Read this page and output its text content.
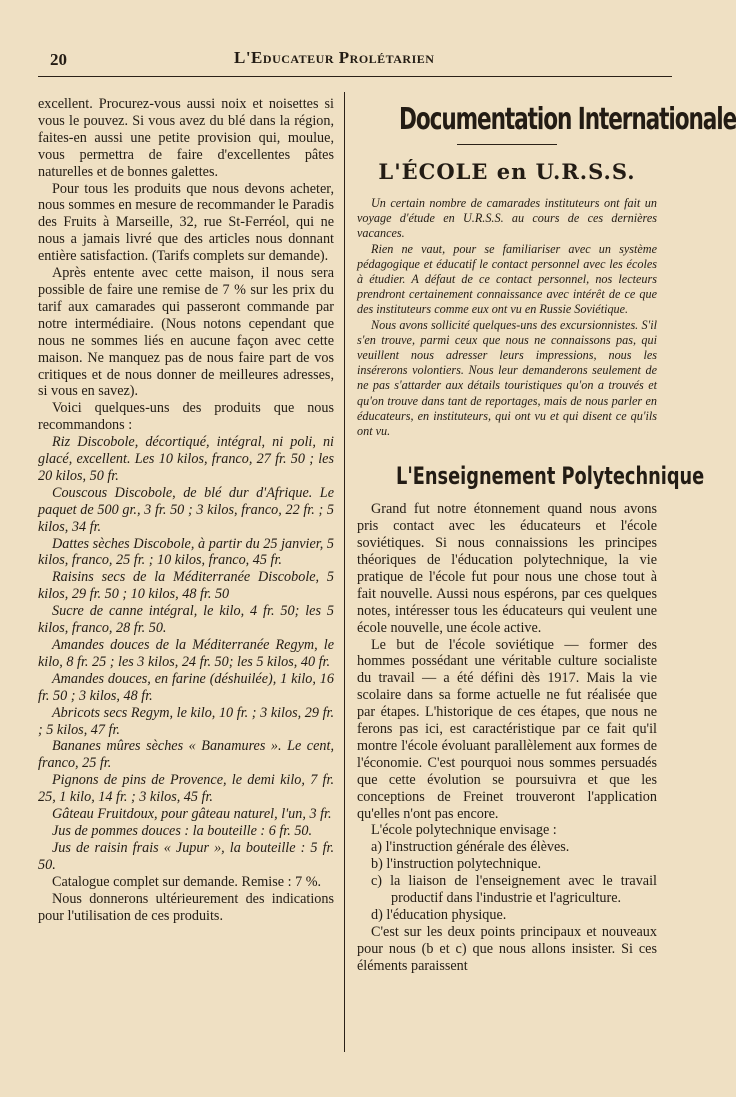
20	L'Educateur Prolétarien

excellent. Procurez-vous aussi noix et noisettes si vous le pouvez. Si vous avez du blé dans la région, faites-en aussi une petite provision qui, moulue, vous permettra de faire d'excellentes pâtes naturelles et de bonnes galettes.

Pour tous les produits que nous devons acheter, nous sommes en mesure de recommander le Paradis des Fruits à Marseille, 32, rue St-Ferréol, qui ne nous a jamais livré que des articles nous donnant entière satisfaction. (Tarifs complets sur demande).

Après entente avec cette maison, il nous sera possible de faire une remise de 7 % sur les prix du tarif aux camarades qui passeront commande par notre intermédiaire. (Nous notons cependant que nous ne sommes liés en aucune façon avec cette maison. Ne manquez pas de nous faire part de vos critiques et de nous donner de meilleures adresses, si vous en savez).

Voici quelques-uns des produits que nous recommandons :

Riz Discobole, décortiqué, intégral, ni poli, ni glacé, excellent. Les 10 kilos, franco, 27 fr. 50 ; les 20 kilos, 50 fr.

Couscous Discobole, de blé dur d'Afrique. Le paquet de 500 gr., 3 fr. 50 ; 3 kilos, franco, 22 fr. ; 5 kilos, 34 fr.

Dattes sèches Discobole, à partir du 25 janvier, 5 kilos, franco, 25 fr. ; 10 kilos, franco, 45 fr.

Raisins secs de la Méditerranée Discobole, 5 kilos, 29 fr. 50 ; 10 kilos, 48 fr. 50

Sucre de canne intégral, le kilo, 4 fr. 50; les 5 kilos, franco, 28 fr. 50.

Amandes douces de la Méditerranée Regym, le kilo, 8 fr. 25 ; les 3 kilos, 24 fr. 50; les 5 kilos, 40 fr.

Amandes douces, en farine (déshuilée), 1 kilo, 16 fr. 50 ; 3 kilos, 48 fr.

Abricots secs Regym, le kilo, 10 fr. ; 3 kilos, 29 fr. ; 5 kilos, 47 fr.

Bananes mûres sèches « Banamures ». Le cent, franco, 25 fr.

Pignons de pins de Provence, le demi kilo, 7 fr. 25, 1 kilo, 14 fr. ; 3 kilos, 45 fr.

Gâteau Fruitdoux, pour gâteau naturel, l'un, 3 fr.

Jus de pommes douces : la bouteille : 6 fr. 50.

Jus de raisin frais « Jupur », la bouteille : 5 fr. 50.

Catalogue complet sur demande. Remise : 7 %.

Nous donnerons ultérieurement des indications pour l'utilisation de ces produits.

Documentation Internationale
L'ÉCOLE en U.R.S.S.

Un certain nombre de camarades instituteurs ont fait un voyage d'étude en U.R.S.S. au cours de ces dernières vacances.

Rien ne vaut, pour se familiariser avec un système pédagogique et éducatif le contact personnel avec les écoles à étudier. A défaut de ce contact personnel, nos lecteurs prendront certainement connaissance avec intérêt de ce que des instituteurs comme eux ont vu en Russie Soviétique.

Nous avons sollicité quelques-uns des excursionnistes. S'il s'en trouve, parmi ceux que nous ne connaissons pas, qui veuillent nous adresser leurs impressions, nous les insérerons volontiers. Nous leur demanderons seulement de ne pas s'attarder aux détails touristiques qu'on a trouvés et qu'on trouve dans tant de reportages, mais de nous parler en éducateurs, en instituteurs, qui ont vu et qui disent ce qu'ils ont vu.

L'Enseignement Polytechnique

Grand fut notre étonnement quand nous avons pris contact avec les éducateurs et l'école soviétiques. Si nous connaissions les principes théoriques de l'éducation polytechnique, la vie pratique de l'école fut pour nous une chose tout à fait nouvelle. Aussi nous espérons, par ces quelques notes, intéresser tous les éducateurs qui veulent une école nouvelle, une école active.

Le but de l'école soviétique — former des hommes possédant une véritable culture socialiste du travail — a été défini dès 1917. Mais la vie scolaire dans sa forme actuelle ne fut réalisée que par étapes. L'historique de ces étapes, que nous ne ferons pas ici, est caractéristique par ce fait qu'il montre l'école évoluant parallèlement aux formes de l'économie. C'est pourquoi nous sommes persuadés que cette évolution se poursuivra et que les conceptions de Freinet trouveront l'application qu'elles n'ont pas encore.

L'école polytechnique envisage :

a) l'instruction générale des élèves.

b) l'instruction polytechnique.

c) la liaison de l'enseignement avec le travail productif dans l'industrie et l'agriculture.

d) l'éducation physique.

C'est sur les deux points principaux et nouveaux pour nous (b et c) que nous allons insister. Si ces éléments paraissent
